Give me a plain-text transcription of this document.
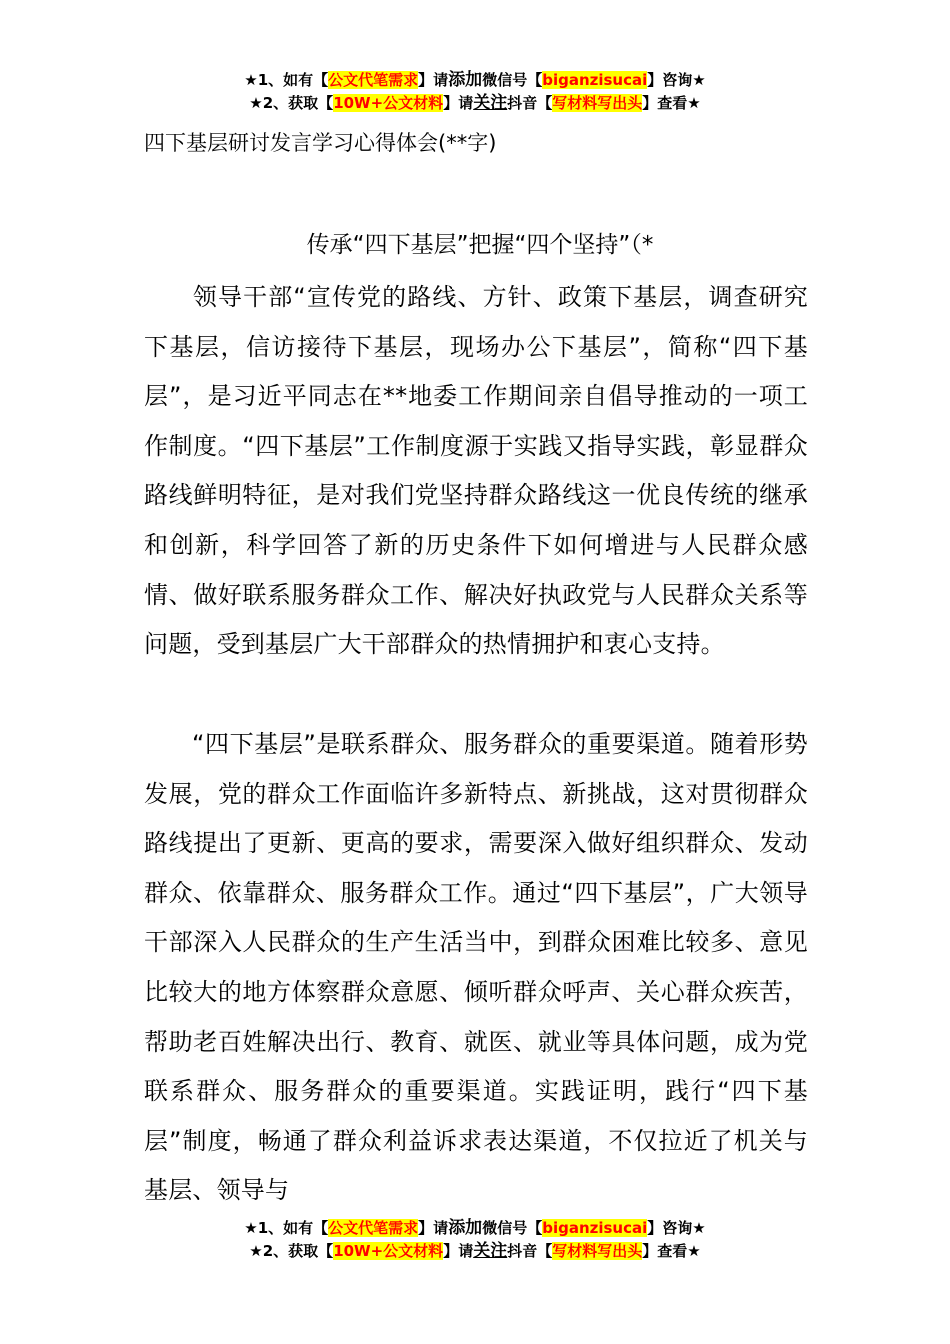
★1、如有【公文代笔需求】请添加微信号【biganzisucai】咨询★
★2、获取【10W+公文材料】请关注抖音【写材料写出头】查看★
四下基层研讨发言学习心得体会(**字)
传承“四下基层”把握“四个坚持”（*
领导干部“宣传党的路线、方针、政策下基层，调查研究下基层，信访接待下基层，现场办公下基层”，简称“四下基层”，是习近平同志在**地委工作期间亲自倡导推动的一项工作制度。“四下基层”工作制度源于实践又指导实践，彰显群众路线鲜明特征，是对我们党坚持群众路线这一优良传统的继承和创新，科学回答了新的历史条件下如何增进与人民群众感情、做好联系服务群众工作、解决好执政党与人民群众关系等问题，受到基层广大干部群众的热情拥护和衷心支持。
“四下基层”是联系群众、服务群众的重要渠道。随着形势发展，党的群众工作面临许多新特点、新挑战，这对贯彻群众路线提出了更新、更高的要求，需要深入做好组织群众、发动群众、依靠群众、服务群众工作。通过“四下基层”，广大领导干部深入人民群众的生产生活当中，到群众困难比较多、意见比较大的地方体察群众意愿、倾听群众呼声、关心群众疾苦，帮助老百姓解决出行、教育、就医、就业等具体问题，成为党联系群众、服务群众的重要渠道。实践证明，践行“四下基层”制度，畅通了群众利益诉求表达渠道，不仅拉近了机关与基层、领导与
★1、如有【公文代笔需求】请添加微信号【biganzisucai】咨询★
★2、获取【10W+公文材料】请关注抖音【写材料写出头】查看★
